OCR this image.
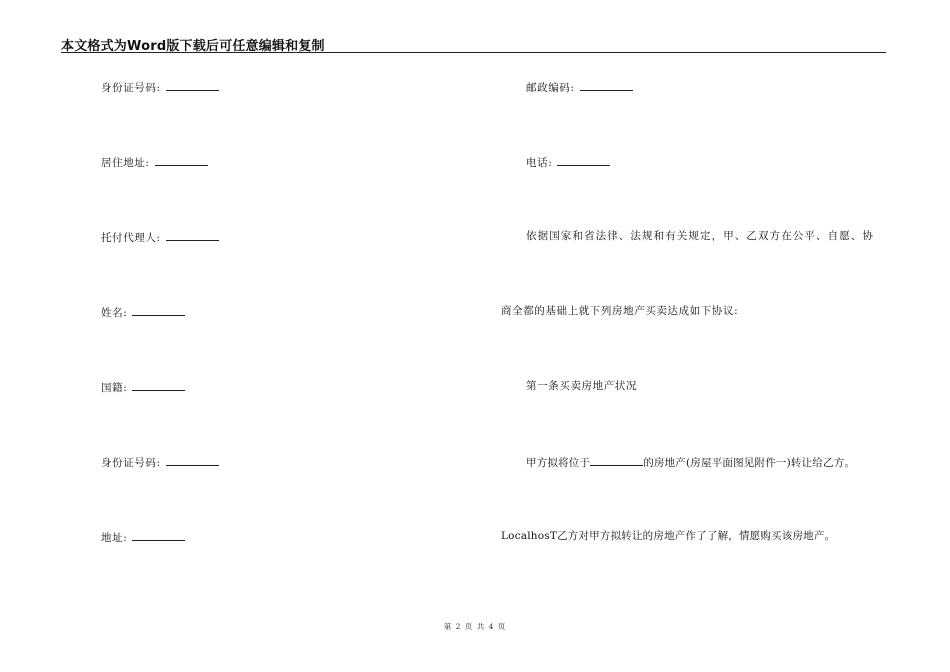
本文格式为Word版下载后可任意编辑和复制
身份证号码:
居住地址:
托付代理人:
姓名:
国籍:
身份证号码:
地址:
邮政编码:
电话:
依据国家和省法律、法规和有关规定，甲、乙双方在公平、自愿、协
商全都的基础上就下列房地产买卖达成如下协议:
第一条买卖房地产状况
甲方拟将位于	的房地产(房屋平面图见附件一)转让给乙方。
LocalhosT乙方对甲方拟转让的房地产作了了解，情愿购买该房地产。
第 2 页 共 4 页
